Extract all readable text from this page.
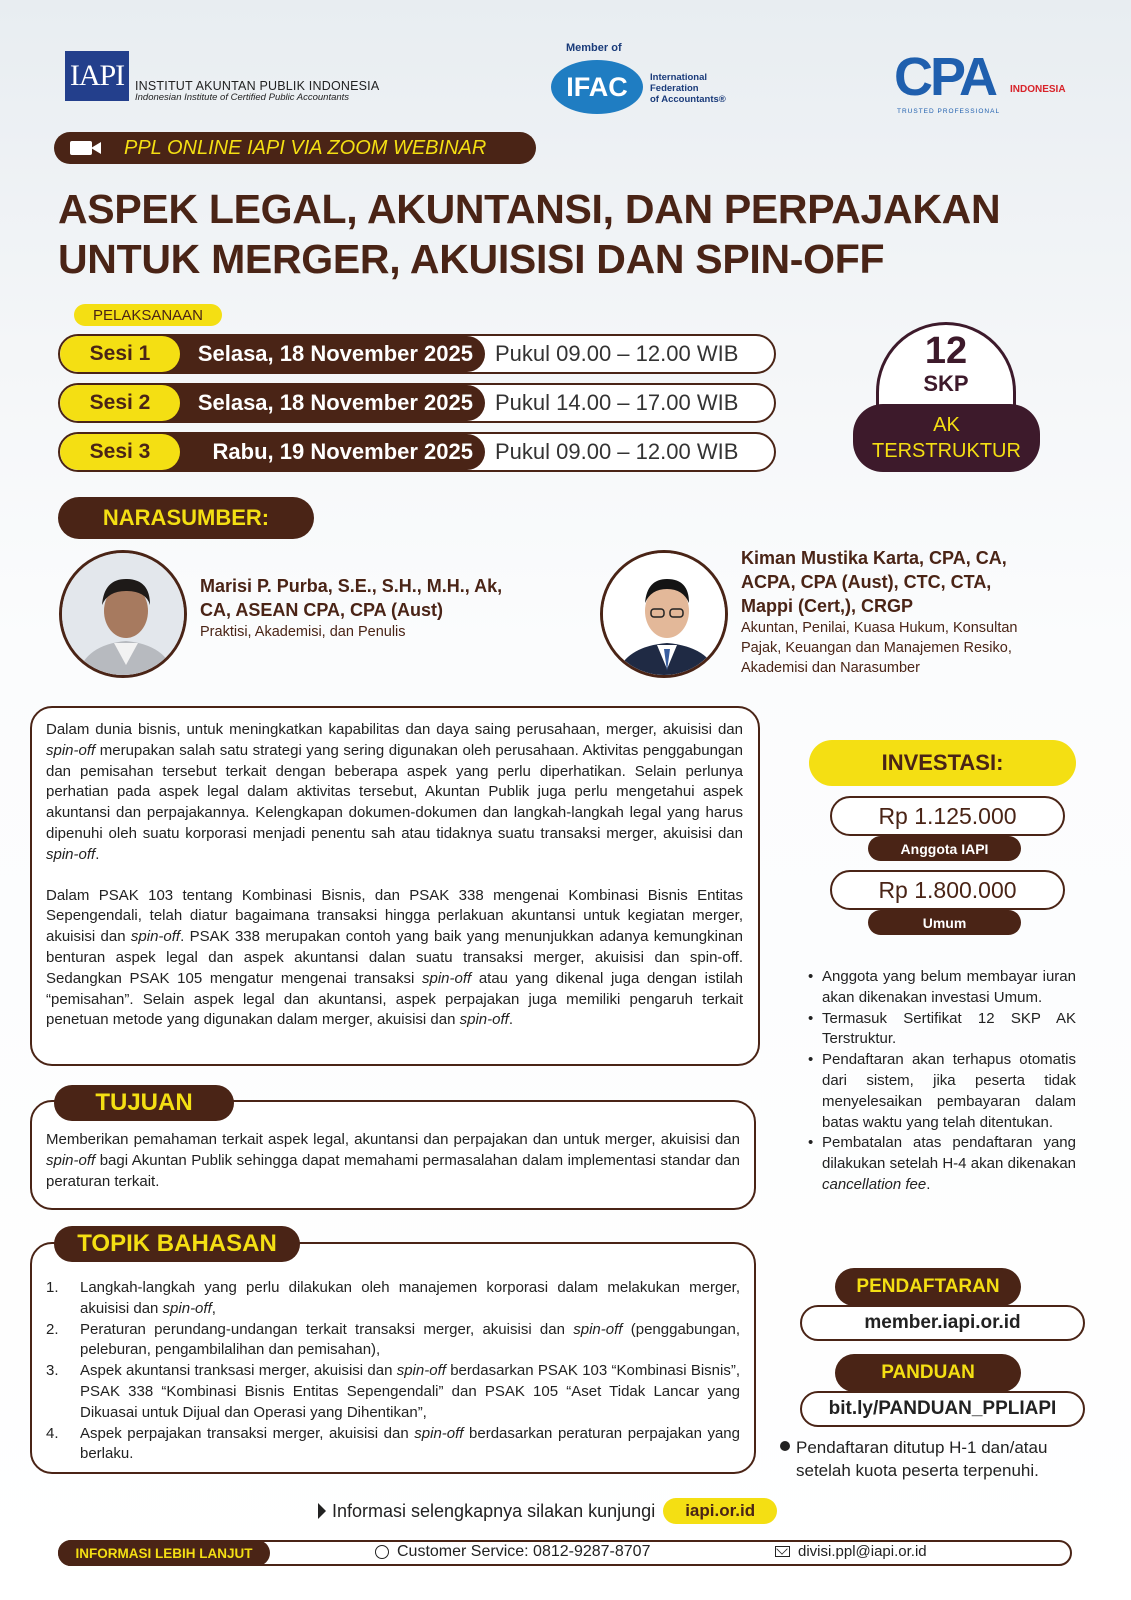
IAPI INSTITUT AKUNTAN PUBLIK INDONESIA
Indonesian Institute of Certified Public Accountants
Member of
IFAC	International
Federation
of Accountants®	CPA INDONESIA
TRUSTED PROFESSIONAL
PPL ONLINE IAPI VIA ZOOM WEBINAR
ASPEK LEGAL, AKUNTANSI, DAN PERPAJAKAN
UNTUK MERGER, AKUISISI DAN SPIN-OFF
PELAKSANAAN
Sesi 1	Selasa, 18 November 2025	Pukul 09.00 – 12.00 WIB
Sesi 2	Selasa, 18 November 2025	Pukul 14.00 – 17.00 WIB
Sesi 3	Rabu, 19 November 2025	Pukul 09.00 – 12.00 WIB
12
SKP
AK
TERSTRUKTUR
NARASUMBER:
Marisi P. Purba, S.E., S.H., M.H., Ak,
CA, ASEAN CPA, CPA (Aust)
Praktisi, Akademisi, dan Penulis
Kiman Mustika Karta, CPA, CA,
ACPA, CPA (Aust), CTC, CTA,
Mappi (Cert,), CRGP
Akuntan, Penilai, Kuasa Hukum, Konsultan
Pajak, Keuangan dan Manajemen Resiko,
Akademisi dan Narasumber

Dalam dunia bisnis, untuk meningkatkan kapabilitas dan daya saing perusahaan, merger, akuisisi dan spin-off merupakan salah satu strategi yang sering digunakan oleh perusahaan. Aktivitas penggabungan dan pemisahan tersebut terkait dengan beberapa aspek yang perlu diperhatikan. Selain perlunya perhatian pada aspek legal dalam aktivitas tersebut, Akuntan Publik juga perlu mengetahui aspek akuntansi dan perpajakannya. Kelengkapan dokumen-dokumen dan langkah-langkah legal yang harus dipenuhi oleh suatu korporasi menjadi penentu sah atau tidaknya suatu transaksi merger, akuisisi dan spin-off.

Dalam PSAK 103 tentang Kombinasi Bisnis, dan PSAK 338 mengenai Kombinasi Bisnis Entitas Sepengendali, telah diatur bagaimana transaksi hingga perlakuan akuntansi untuk kegiatan merger, akuisisi dan spin-off. PSAK 338 merupakan contoh yang baik yang menunjukkan adanya kemungkinan benturan aspek legal dan aspek akuntansi dalan suatu transaksi merger, akuisisi dan spin-off. Sedangkan PSAK 105 mengatur mengenai transaksi spin-off atau yang dikenal juga dengan istilah “pemisahan”. Selain aspek legal dan akuntansi, aspek perpajakan juga memiliki pengaruh terkait penetuan metode yang digunakan dalam merger, akuisisi dan spin-off.

Memberikan pemahaman terkait aspek legal, akuntansi dan perpajakan dan untuk merger, akuisisi dan spin-off bagi Akuntan Publik sehingga dapat memahami permasalahan dalam implementasi standar dan peraturan terkait.

TUJUAN
1.	Langkah-langkah yang perlu dilakukan oleh manajemen korporasi dalam melakukan merger, akuisisi dan spin-off,
2.	Peraturan perundang-undangan terkait transaksi merger, akuisisi dan spin-off (penggabungan, peleburan, pengambilalihan dan pemisahan),
3.	Aspek akuntansi tranksasi merger, akuisisi dan spin-off berdasarkan PSAK 103 “Kombinasi Bisnis”, PSAK 338 “Kombinasi Bisnis Entitas Sepengendali” dan PSAK 105 “Aset Tidak Lancar yang Dikuasai untuk Dijual dan Operasi yang Dihentikan”,
4.	Aspek perpajakan transaksi merger, akuisisi dan spin-off berdasarkan peraturan perpajakan yang berlaku.
TOPIK BAHASAN
INVESTASI:
Rp 1.125.000
Anggota IAPI
Rp 1.800.000
Umum
• Anggota yang belum membayar iuran akan dikenakan investasi Umum.
• Termasuk Sertifikat 12 SKP AK Terstruktur.
• Pendaftaran akan terhapus otomatis dari sistem, jika peserta tidak menyelesaikan pembayaran dalam batas waktu yang telah ditentukan.
• Pembatalan atas pendaftaran yang dilakukan setelah H-4 akan dikenakan cancellation fee.
PENDAFTARAN
member.iapi.or.id
PANDUAN
bit.ly/PANDUAN_PPLIAPI
Pendaftaran ditutup H-1 dan/atau
setelah kuota peserta terpenuhi.
Informasi selengkapnya silakan kunjungi	iapi.or.id
INFORMASI LEBIH LANJUT	Customer Service: 0812-9287-8707	divisi.ppl@iapi.or.id
